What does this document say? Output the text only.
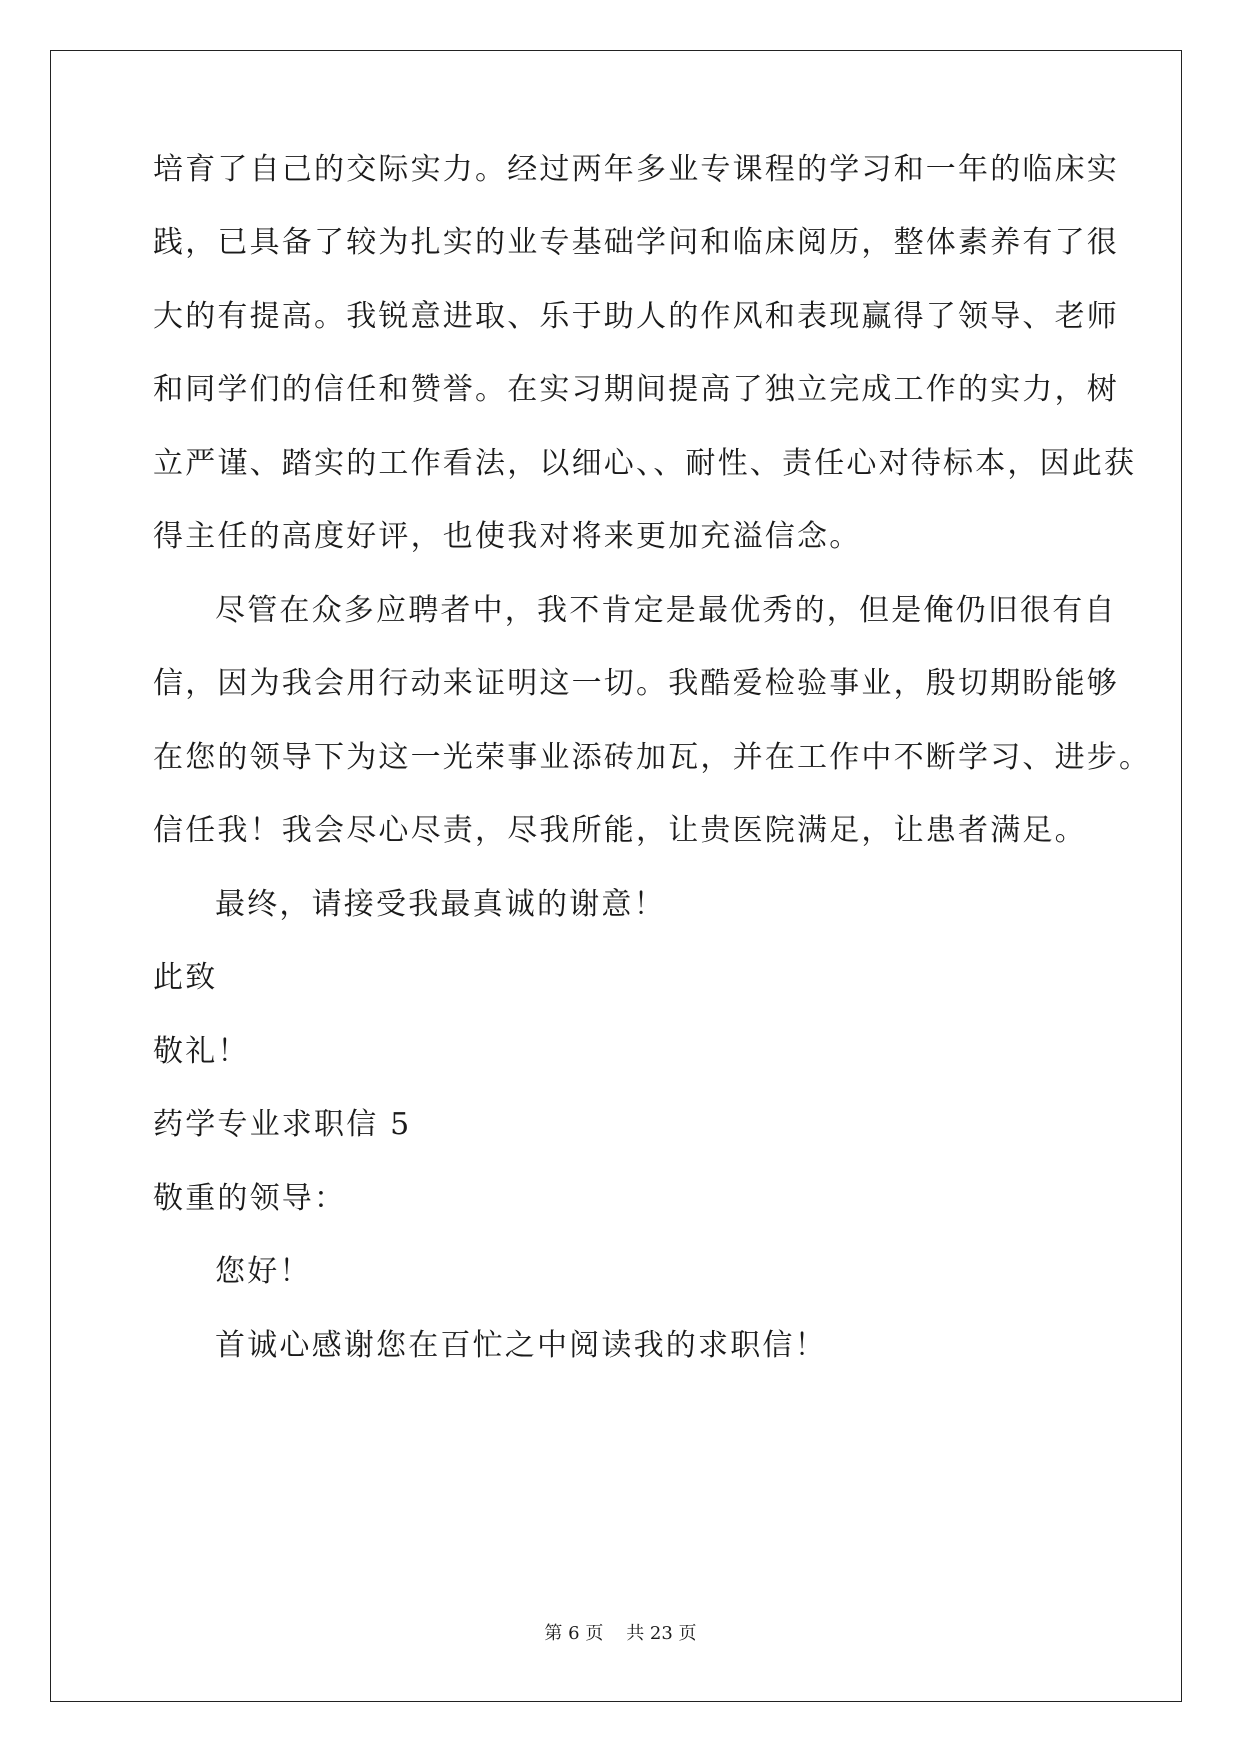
培育了自己的交际实力。经过两年多业专课程的学习和一年的临床实
践，已具备了较为扎实的业专基础学问和临床阅历，整体素养有了很
大的有提高。我锐意进取、乐于助人的作风和表现赢得了领导、老师
和同学们的信任和赞誉。在实习期间提高了独立完成工作的实力，树
立严谨、踏实的工作看法，以细心、、耐性、责任心对待标本，因此获
得主任的高度好评，也使我对将来更加充溢信念。
尽管在众多应聘者中，我不肯定是最优秀的，但是俺仍旧很有自
信，因为我会用行动来证明这一切。我酷爱检验事业，殷切期盼能够
在您的领导下为这一光荣事业添砖加瓦，并在工作中不断学习、进步。
信任我！我会尽心尽责，尽我所能，让贵医院满足，让患者满足。
最终，请接受我最真诚的谢意！
此致
敬礼！
药学专业求职信 5
敬重的领导：
您好！
首诚心感谢您在百忙之中阅读我的求职信！
第 6 页    共 23 页
